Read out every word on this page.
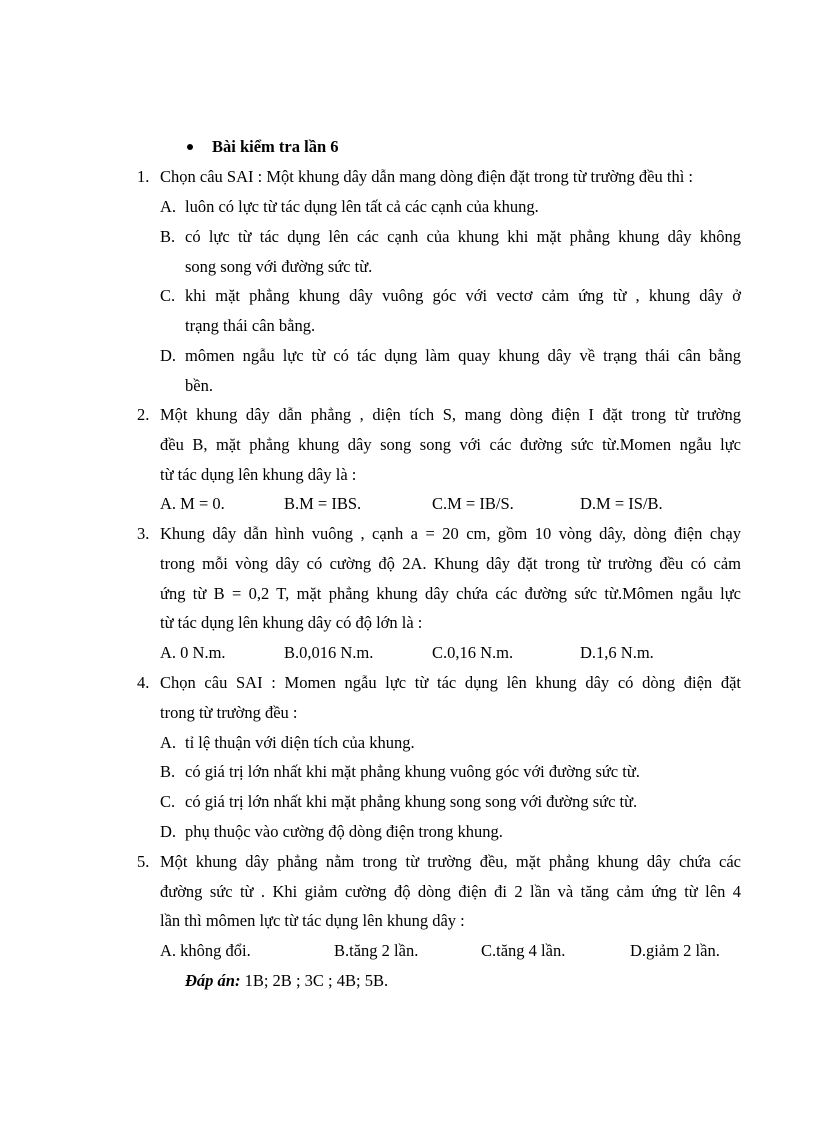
Bài kiểm tra lần 6
1. Chọn câu SAI : Một khung dây dẫn mang dòng điện đặt trong từ trường đều thì :
A. luôn có lực từ tác dụng lên tất cả các cạnh của khung.
B. có lực từ tác dụng lên các cạnh của khung khi mặt phẳng khung dây không
song song với đường sức từ.
C. khi mặt phẳng khung dây vuông góc với vectơ cảm ứng từ , khung dây ở
trạng thái cân bằng.
D. mômen ngẫu lực từ có tác dụng làm quay khung dây về trạng thái cân bằng
bền.
2. Một khung dây dẫn phẳng , diện tích S, mang dòng điện I đặt trong từ trường
đều B, mặt phẳng khung dây song song với các đường sức từ.Momen ngẫu lực
từ tác dụng lên khung dây là :
A. M = 0.	B.M = IBS.	C.M = IB/S.	D.M = IS/B.
3. Khung dây dẫn hình vuông , cạnh a = 20 cm, gồm 10 vòng dây, dòng điện chạy
trong mỗi vòng dây có cường độ 2A. Khung dây đặt trong từ trường đều có cảm
ứng từ B = 0,2 T, mặt phẳng khung dây chứa các đường sức từ.Mômen ngẫu lực
từ tác dụng lên khung dây có độ lớn là :
A. 0 N.m.	B.0,016 N.m.	C.0,16 N.m.	D.1,6 N.m.
4. Chọn câu SAI : Momen ngẫu lực từ tác dụng lên khung dây có dòng điện đặt
trong từ trường đều :
A. tỉ lệ thuận với diện tích của khung.
B. có giá trị lớn nhất khi mặt phẳng khung vuông góc với đường sức từ.
C. có giá trị lớn nhất khi mặt phẳng khung song song với đường sức từ.
D. phụ thuộc vào cường độ dòng điện trong khung.
5. Một khung dây phẳng nằm trong từ trường đều, mặt phẳng khung dây chứa các
đường sức từ . Khi giảm cường độ dòng điện đi 2 lần và tăng cảm ứng từ lên 4
lần thì mômen lực từ tác dụng lên khung dây :
A. không đổi.	B.tăng 2 lần.	C.tăng 4 lần.	D.giảm 2 lần.
Đáp án: 1B; 2B ; 3C ; 4B; 5B.
